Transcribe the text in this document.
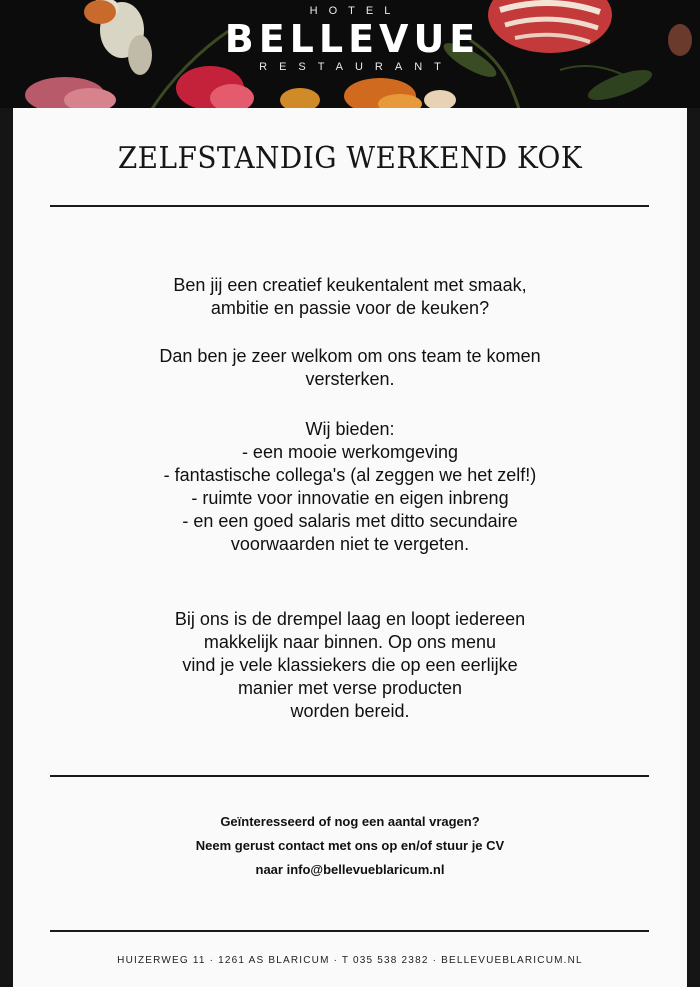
HOTEL
BELLEVUE
RESTAURANT
ZELFSTANDIG WERKEND KOK

Ben jij een creatief keukentalent met smaak,

ambitie en passie voor de keuken?

Dan ben je zeer welkom om ons team te komen

versterken.

Wij bieden:

- een mooie werkomgeving

- fantastische collega's (al zeggen we het zelf!)

- ruimte voor innovatie en eigen inbreng

- en een goed salaris met ditto secundaire

voorwaarden niet te vergeten.

Bij ons is de drempel laag en loopt iedereen

makkelijk naar binnen. Op ons menu

vind je vele klassiekers die op een eerlijke

manier met verse producten

worden bereid.

Geïnteresseerd of nog een aantal vragen?

Neem gerust contact met ons op en/of stuur je CV

naar info@bellevueblaricum.nl

HUIZERWEG 11 · 1261 AS BLARICUM · T 035 538 2382 · BELLEVUEBLARICUM.NL
